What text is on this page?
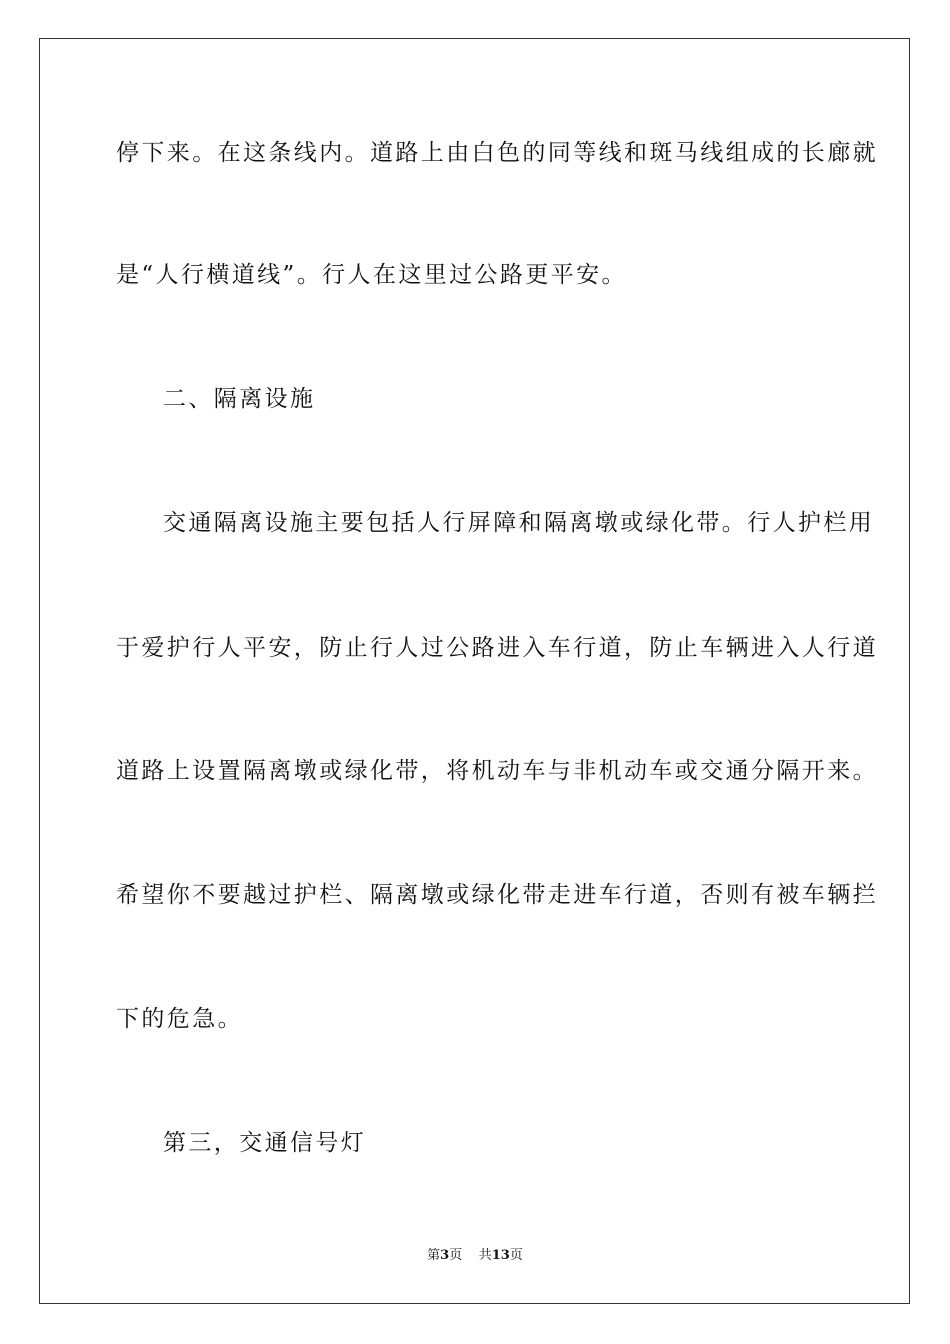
停下来。在这条线内。道路上由白色的同等线和斑马线组成的长廊就
是“人行横道线”。行人在这里过公路更平安。
二、隔离设施
交通隔离设施主要包括人行屏障和隔离墩或绿化带。行人护栏用
于爱护行人平安，防止行人过公路进入车行道，防止车辆进入人行道
道路上设置隔离墩或绿化带，将机动车与非机动车或交通分隔开来。
希望你不要越过护栏、隔离墩或绿化带走进车行道，否则有被车辆拦
下的危急。
第三，交通信号灯
第3页 共13页
